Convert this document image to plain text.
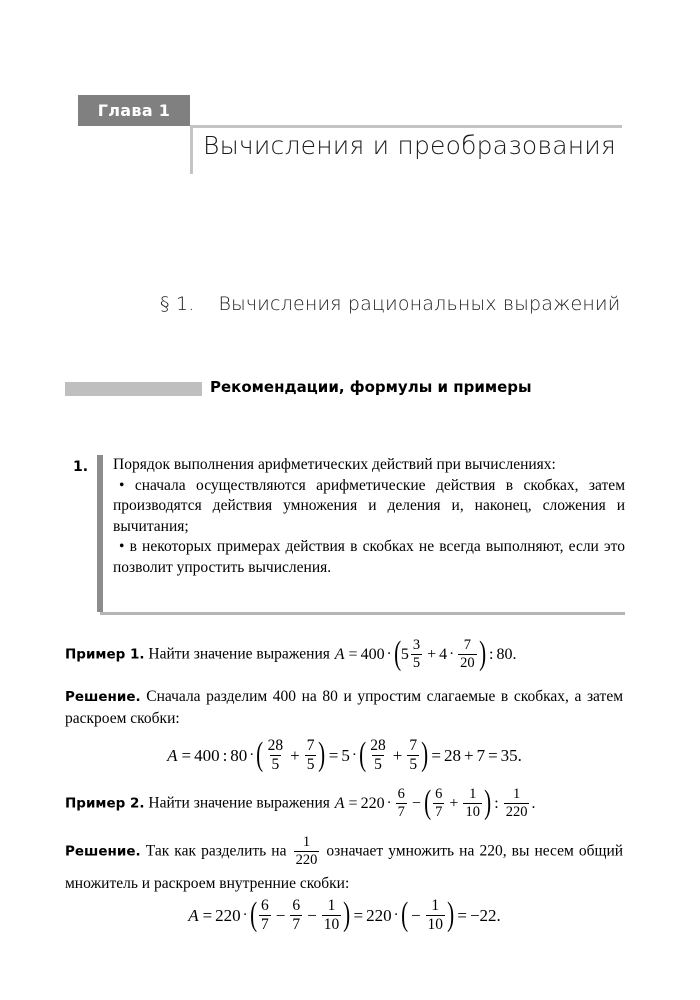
Глава 1
Вычисления и преобразования
§ 1. Вычисления рациональных выражений
Рекомендации, формулы и примеры
1. Порядок выполнения арифметических действий при вычислениях:

• сначала осуществляются арифметические действия в скобках, затем производятся действия умножения и деления и, наконец, сложения и вычитания;

• в некоторых примерах действия в скобках не всегда выполняют, если это позволит упростить вычисления.

Пример 1. Найти значение выражения A = 400 · ( $5 \frac{3}{5} + 4 \cdot \frac{7}{20}$ ) : 80 .
Решение. Сначала разделим 400 на 80 и упростим слагаемые в скобках, а затем раскроем скобки:
A = 400 : 80 · ( $\frac{28}{5} + \frac{7}{5}$ ) = 5 · ( $\frac{28}{5} + \frac{7}{5}$ ) = 28 + 7 = 35 .
Пример 2. Найти значение выражения $A = 220 \cdot \frac{6}{7}$ − ( $\frac{6}{7} + \frac{1}{10}$ ) : $\frac{1}{220}$ .
Решение. Так как разделить на $\frac{1}{220}$ означает умножить на 220, вы несем общий множитель и раскроем внутренние скобки:
A = 220 · ( $\frac{6}{7} - \frac{6}{7} - \frac{1}{10}$ ) = 220 · ( − $\frac{1}{10}$ ) = −22 .
